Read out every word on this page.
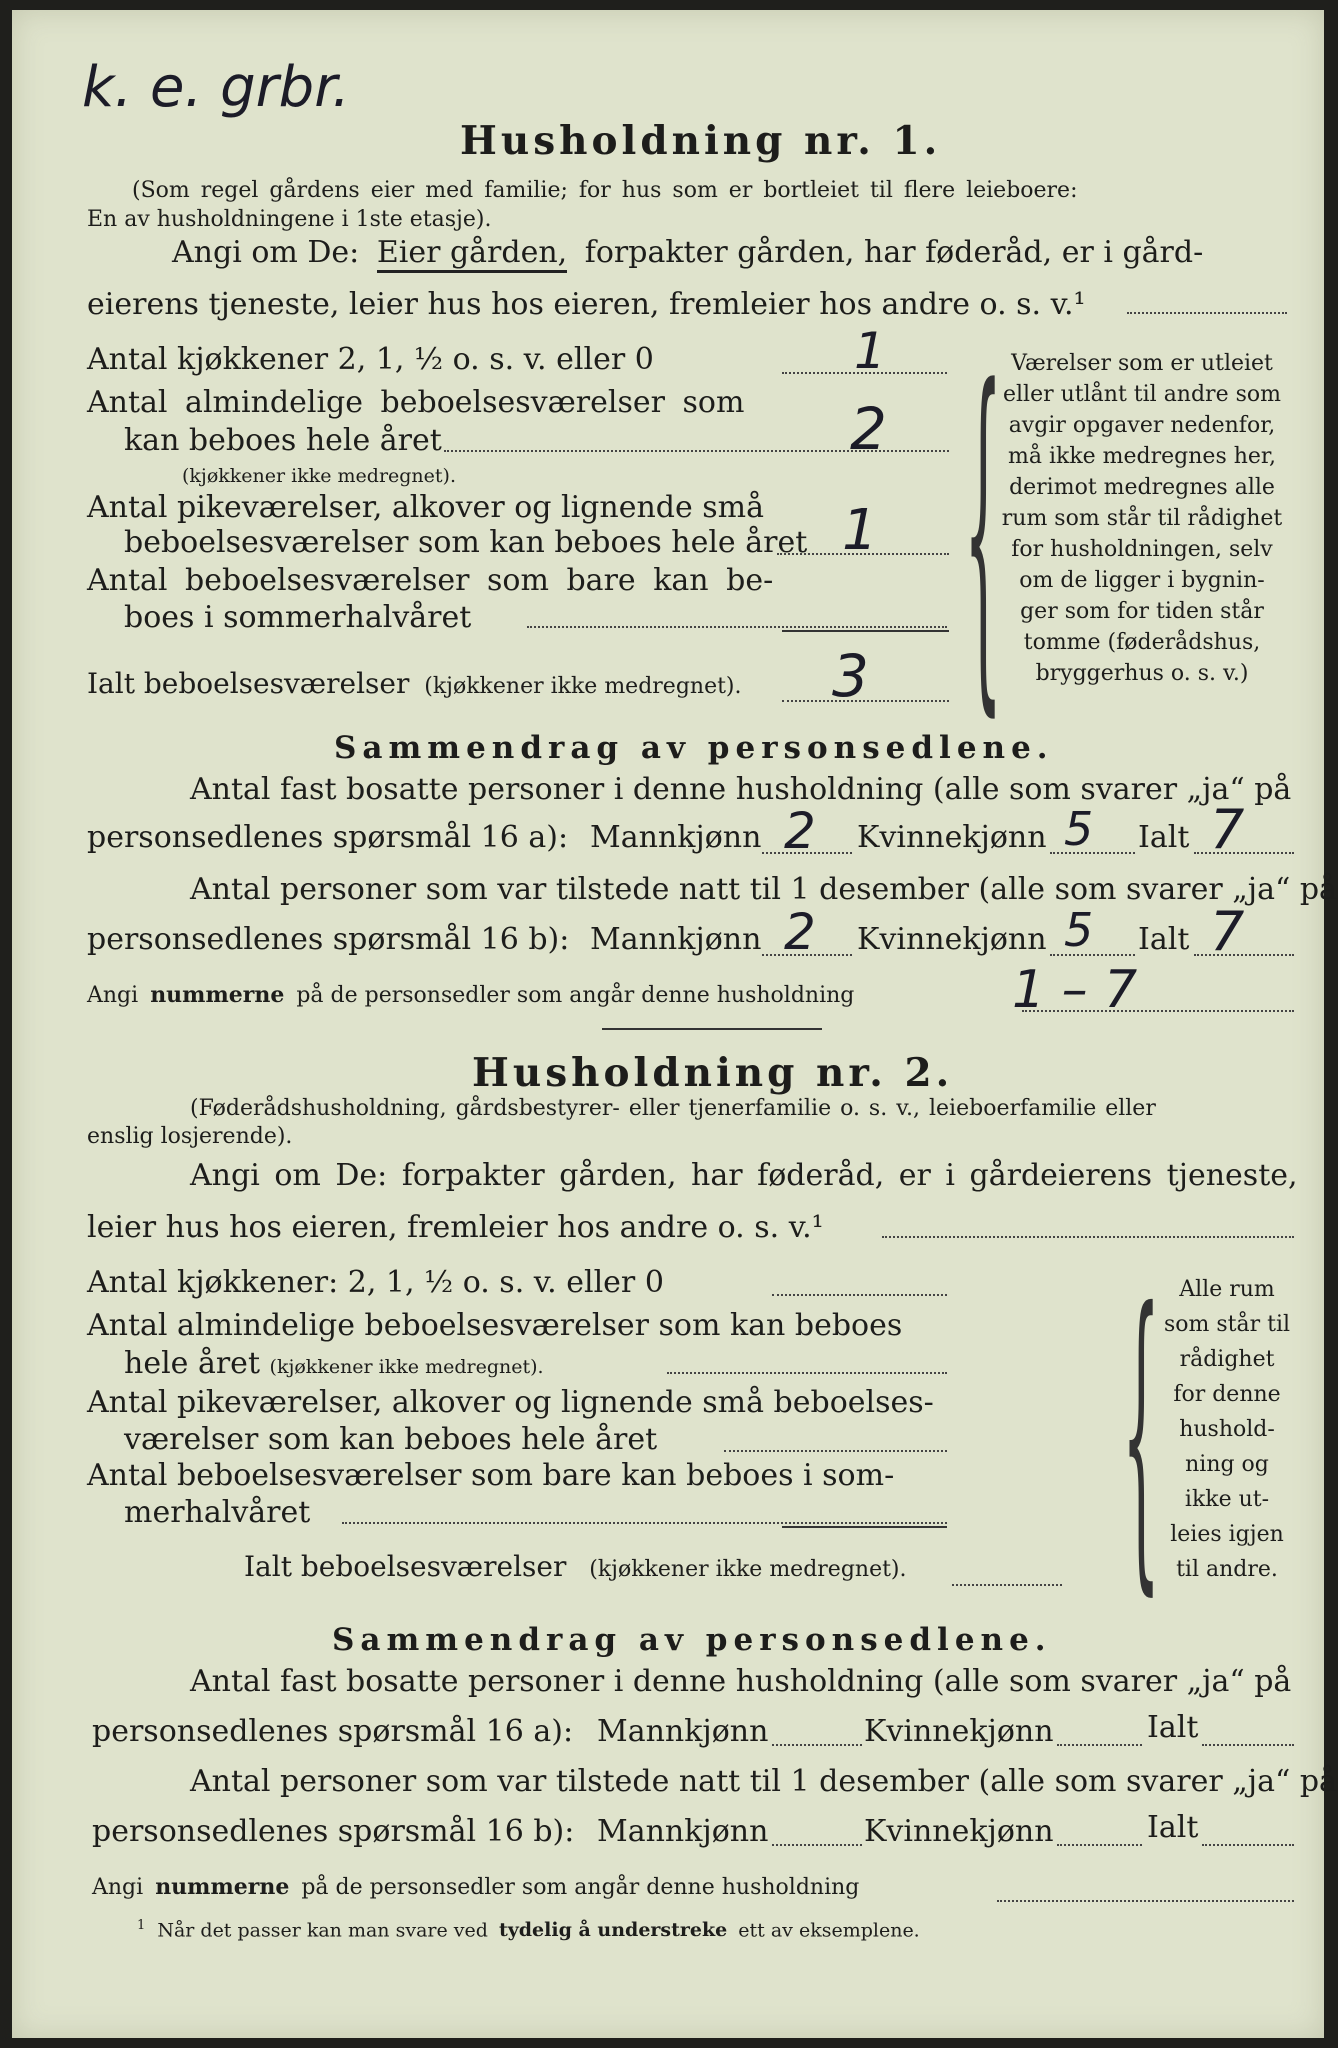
k. e. grbr.
Husholdning nr. 1.
(Som regel gårdens eier med familie; for hus som er bortleiet til flere leieboere:
En av husholdningene i 1ste etasje).
Angi om De: Eier gården, forpakter gården, har føderåd, er i gård-
eierens tjeneste, leier hus hos eieren, fremleier hos andre o. s. v.¹
Antal kjøkkener 2, 1, ½ o. s. v. eller 0	1
Antal almindelige beboelsesværelser som
kan beboes hele året	2
(kjøkkener ikke medregnet).
Antal pikeværelser, alkover og lignende små
beboelsesværelser som kan beboes hele året 1
Antal beboelsesværelser som bare kan be-
boes i sommerhalvåret
Ialt beboelsesværelser (kjøkkener ikke medregnet). 3 { Værelser som er utleiet
eller utlånt til andre som
avgir opgaver nedenfor,
må ikke medregnes her,
derimot medregnes alle
rum som står til rådighet
for husholdningen, selv
om de ligger i bygnin-
ger som for tiden står
tomme (føderådshus,
bryggerhus o. s. v.)
Sammendrag av personsedlene.
Antal fast bosatte personer i denne husholdning (alle som svarer „ja“ på
personsedlenes spørsmål 16 a): Mannkjønn 2 Kvinnekjønn 5 Ialt 7
Antal personer som var tilstede natt til 1 desember (alle som svarer „ja“ på
personsedlenes spørsmål 16 b): Mannkjønn 2 Kvinnekjønn 5 Ialt 7
Angi nummerne på de personsedler som angår denne husholdning	1 – 7
Husholdning nr. 2.
(Føderådshusholdning, gårdsbestyrer- eller tjenerfamilie o. s. v., leieboerfamilie eller
enslig losjerende).
Angi om De: forpakter gården, har føderåd, er i gårdeierens tjeneste,
leier hus hos eieren, fremleier hos andre o. s. v.¹
Antal kjøkkener: 2, 1, ½ o. s. v. eller 0
Antal almindelige beboelsesværelser som kan beboes
hele året (kjøkkener ikke medregnet).
Antal pikeværelser, alkover og lignende små beboelses-
værelser som kan beboes hele året
Antal beboelsesværelser som bare kan beboes i som-
merhalvåret
Ialt beboelsesværelser (kjøkkener ikke medregnet).	{ Alle rum
som står til
rådighet
for denne
hushold-
ning og
ikke ut-
leies igjen
til andre.
Sammendrag av personsedlene.
Antal fast bosatte personer i denne husholdning (alle som svarer „ja“ på
personsedlenes spørsmål 16 a): Mannkjønn	Kvinnekjønn	Ialt
Antal personer som var tilstede natt til 1 desember (alle som svarer „ja“ på
personsedlenes spørsmål 16 b): Mannkjønn	Kvinnekjønn	Ialt
Angi nummerne på de personsedler som angår denne husholdning
$^1$ Når det passer kan man svare ved tydelig å understreke ett av eksemplene.
